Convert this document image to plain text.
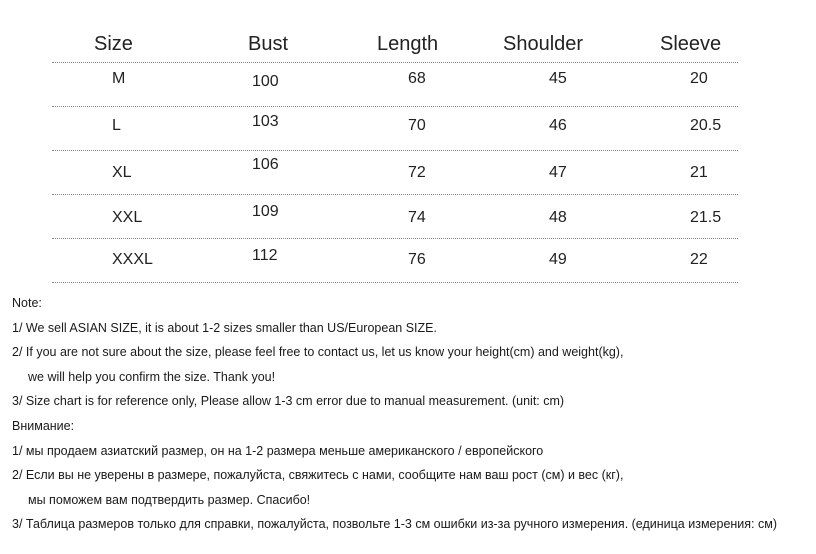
Size	Bust	Length	Shoulder	Sleeve
M	100	68	45	20
L	103	70	46	20.5
XL	106	72	47	21
XXL	109	74	48	21.5
XXXL	112	76	49	22
Note:
1/ We sell ASIAN SIZE, it is about 1-2 sizes smaller than US/European SIZE.
2/ If you are not sure about the size, please feel free to contact us, let us know your height(cm) and weight(kg),
we will help you confirm the size. Thank you!
3/ Size chart is for reference only, Please allow 1-3 cm error due to manual measurement. (unit: cm)
Внимание:
1/ мы продаем азиатский размер, он на 1-2 размера меньше американского / европейского
2/ Если вы не уверены в размере, пожалуйста, свяжитесь с нами, сообщите нам ваш рост (см) и вес (кг),
мы поможем вам подтвердить размер. Спасибо!
3/ Таблица размеров только для справки, пожалуйста, позвольте 1-3 см ошибки из-за ручного измерения. (единица измерения: см)
